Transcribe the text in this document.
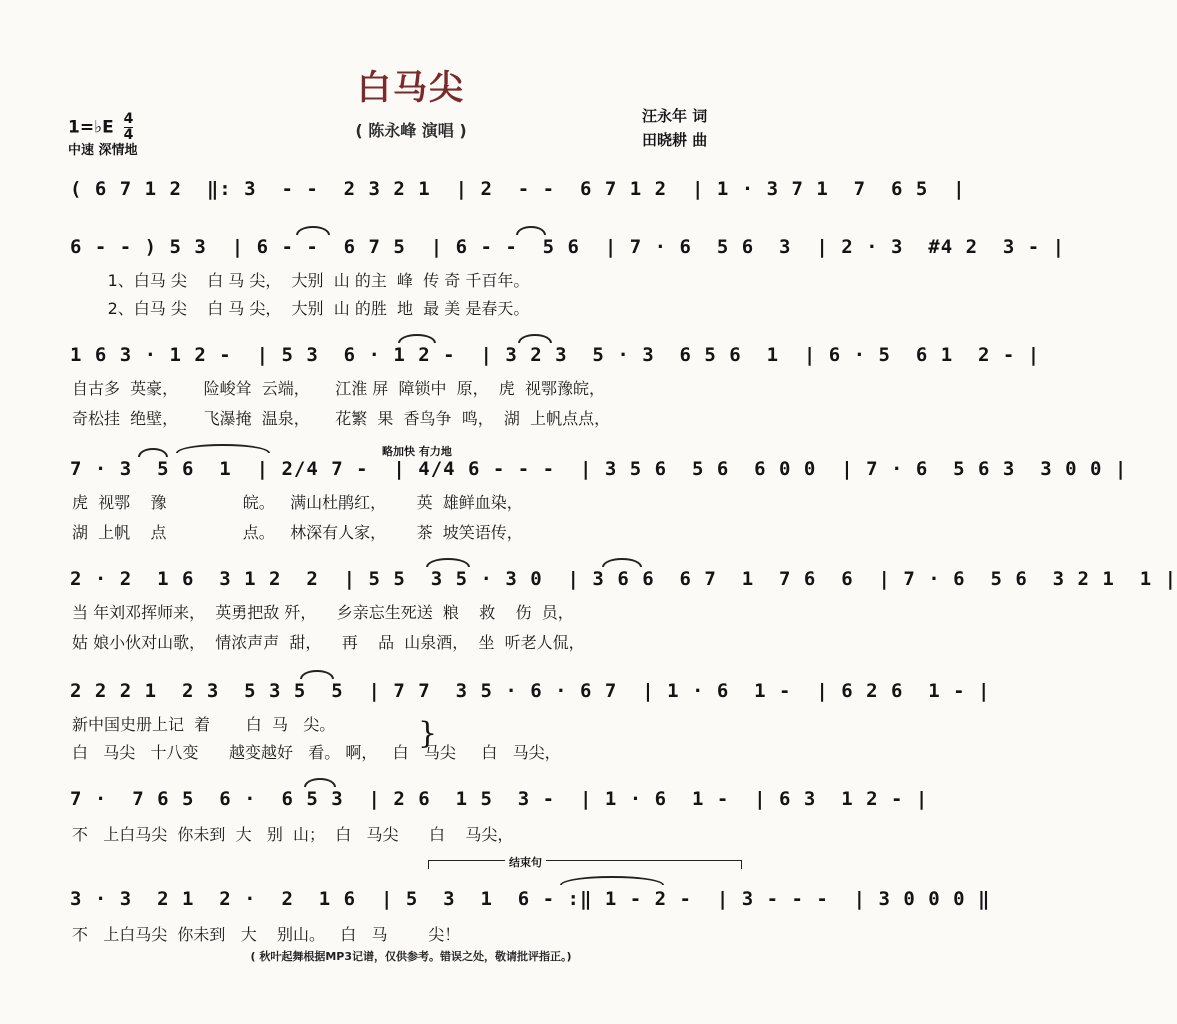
白马尖
( 陈永峰 演唱 )
1=♭E $\frac{4}{4}$
中速 深情地
汪永年 词
田晓耕 曲
( 6 7 1 2  ‖: 3  - -  2 3 2 1  | 2  - -  6 7 1 2  | 1 · 3 7 1  7  6 5  |
6 - - ) 5 3  | 6 - -  6 7 5  | 6 - -  5 6  | 7 · 6  5 6  3  | 2 · 3  #4 2  3 - |
1、白马 尖    白 马 尖，  大别  山 的主  峰  传 奇 千百年。
2、白马 尖    白 马 尖，  大别  山 的胜  地  最 美 是春天。
1 6 3 · 1 2 -  | 5 3  6 · 1 2 -  | 3 2 3  5 · 3  6 5 6  1  | 6 · 5  6 1  2 - |
自古多  英豪，     险峻耸  云端，     江淮 屏  障锁中  原，  虎  视鄂豫皖，
奇松挂  绝壁，     飞瀑掩  温泉，     花繁  果  香鸟争  鸣，  湖  上帆点点，
略加快 有力地
7 · 3  5 6  1  | 2/4 7 -  | 4/4 6 - - -  | 3 5 6  5 6  6 0 0  | 7 · 6  5 6 3  3 0 0 |
虎  视鄂    豫               皖。   满山杜鹃红，      英  雄鲜血染，
湖  上帆    点               点。   林深有人家，      茶  坡笑语传，
2 · 2  1 6  3 1 2  2  | 5 5  3 5 · 3 0  | 3 6 6  6 7  1  7 6  6  | 7 · 6  5 6  3 2 1  1 |
当 年刘邓挥师来，  英勇把敌 歼，    乡亲忘生死送  粮    救    伤  员，
姑 娘小伙对山歌，  情浓声声  甜，    再    品  山泉酒，  坐  听老人侃，
2 2 2 1  2 3  5 3 5  5  | 7 7  3 5 · 6 · 6 7  | 1 · 6  1 -  | 6 2 6  1 - |
新中国史册上记  着       白  马   尖。
白   马尖   十八变      越变越好   看。 啊，   白   马尖     白   马尖，
}
7 ·  7 6 5  6 ·  6 5 3  | 2 6  1 5  3 -  | 1 · 6  1 -  | 6 3  1 2 - |
不   上白马尖  你未到  大   别  山；  白   马尖      白    马尖，
结束句
3 · 3  2 1  2 ·  2  1 6  | 5  3  1  6 - :‖ 1 - 2 -  | 3 - - -  | 3 0 0 0 ‖
不   上白马尖  你未到   大    别山。   白   马        尖！
( 秋叶起舞根据MP3记谱，仅供参考。错误之处，敬请批评指正。)
